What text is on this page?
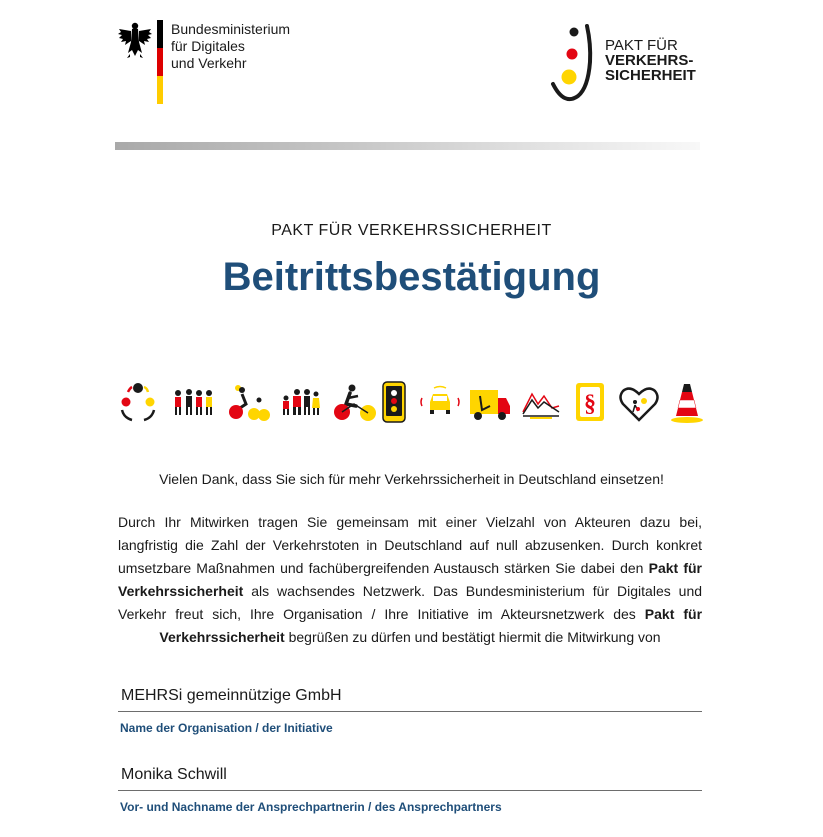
Bundesministerium
für Digitales
und Verkehr
PAKT FÜR
VERKEHRS-
SICHERHEIT
PAKT FÜR VERKEHRSSICHERHEIT
Beitrittsbestätigung
§

Vielen Dank, dass Sie sich für mehr Verkehrssicherheit in Deutschland einsetzen!

Durch Ihr Mitwirken tragen Sie gemeinsam mit einer Vielzahl von Akteuren dazu bei, langfristig die Zahl der Verkehrstoten in Deutschland auf null abzusenken. Durch konkret umsetzbare Maßnahmen und fachübergreifenden Austausch stärken Sie dabei den Pakt für Verkehrssicherheit als wachsendes Netzwerk. Das Bundesministerium für Digitales und Verkehr freut sich, Ihre Organisation / Ihre Initiative im Akteursnetzwerk des Pakt für Verkehrssicherheit begrüßen zu dürfen und bestätigt hiermit die Mitwirkung von

MEHRSi gemeinnützige GmbH
Name der Organisation / der Initiative
Monika Schwill
Vor- und Nachname der Ansprechpartnerin / des Ansprechpartners
